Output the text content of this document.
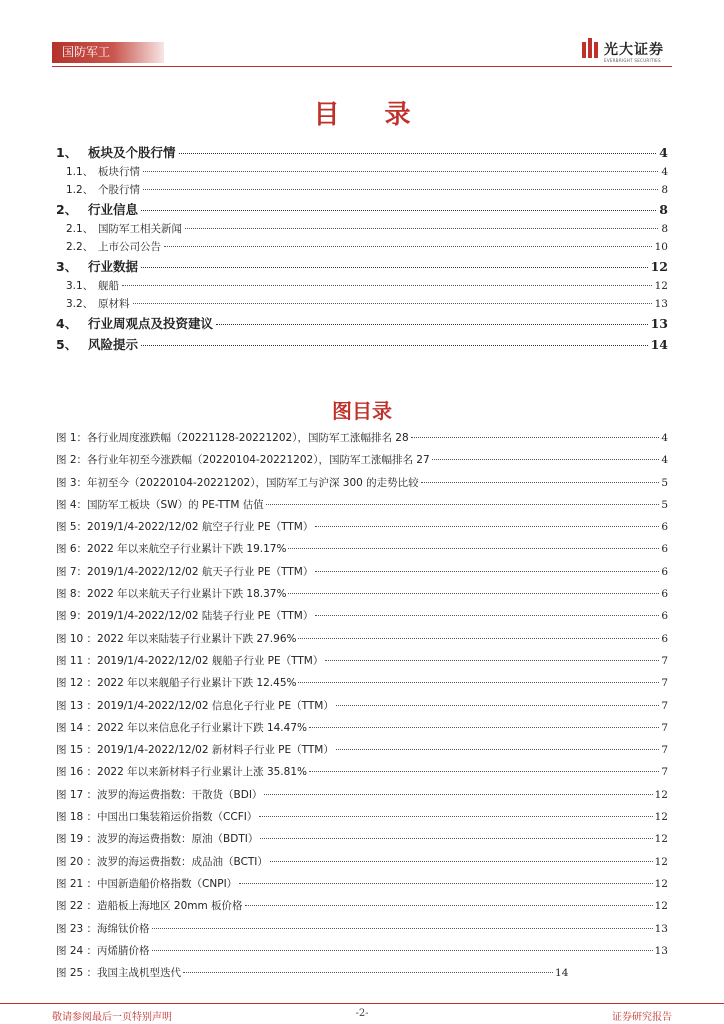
国防军工	光大证券
EVERBRIGHT SECURITIES
目 录
1、 板块及个股行情	4
1.1、 板块行情	4
1.2、 个股行情	8
2、 行业信息	8
2.1、 国防军工相关新闻	8
2.2、 上市公司公告	10
3、 行业数据	12
3.1、 舰船	12
3.2、 原材料	13
4、 行业周观点及投资建议	13
5、 风险提示	14
图目录
图 1： 各行业周度涨跌幅（20221128-20221202），国防军工涨幅排名 28	4
图 2： 各行业年初至今涨跌幅（20220104-20221202），国防军工涨幅排名 27	4
图 3： 年初至今（20220104-20221202），国防军工与沪深 300 的走势比较	5
图 4： 国防军工板块（SW）的 PE-TTM 估值	5
图 5： 2019/1/4-2022/12/02 航空子行业 PE（TTM）	6
图 6： 2022 年以来航空子行业累计下跌 19.17%	6
图 7： 2019/1/4-2022/12/02 航天子行业 PE（TTM）	6
图 8： 2022 年以来航天子行业累计下跌 18.37%	6
图 9： 2019/1/4-2022/12/02 陆装子行业 PE（TTM）	6
图 10 ： 2022 年以来陆装子行业累计下跌 27.96%	6
图 11 ： 2019/1/4-2022/12/02 舰船子行业 PE（TTM）	7
图 12 ： 2022 年以来舰船子行业累计下跌 12.45%	7
图 13 ： 2019/1/4-2022/12/02 信息化子行业 PE（TTM）	7
图 14 ： 2022 年以来信息化子行业累计下跌 14.47%	7
图 15 ： 2019/1/4-2022/12/02 新材料子行业 PE（TTM）	7
图 16 ： 2022 年以来新材料子行业累计上涨 35.81%	7
图 17 ： 波罗的海运费指数：干散货（BDI）	12
图 18 ： 中国出口集装箱运价指数（CCFI）	12
图 19 ： 波罗的海运费指数：原油（BDTI）	12
图 20 ： 波罗的海运费指数：成品油（BCTI）	12
图 21 ： 中国新造船价格指数（CNPI）	12
图 22 ： 造船板上海地区 20mm 板价格	12
图 23 ： 海绵钛价格	13
图 24 ： 丙烯腈价格	13
图 25 ： 我国主战机型迭代	14
敬请参阅最后一页特别声明	-2-	证券研究报告
